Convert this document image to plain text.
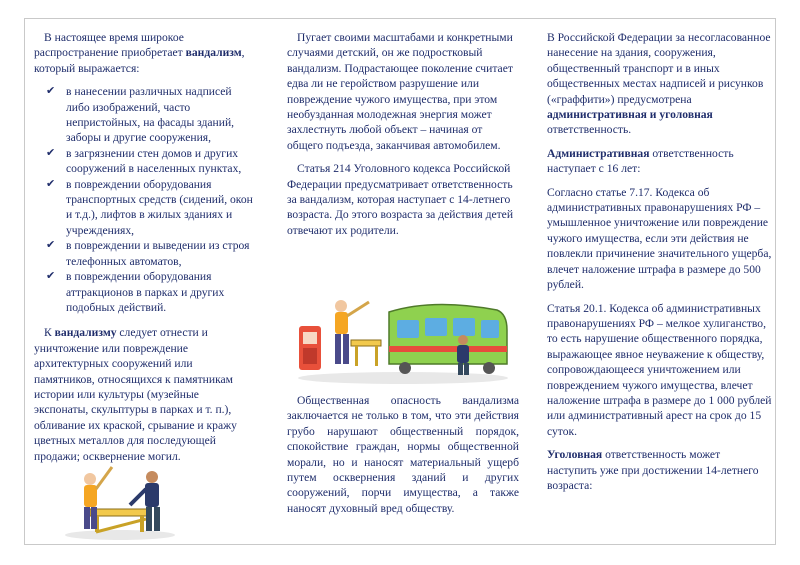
В настоящее время широкое распространение приобретает вандализм, который выражается:

✔ в нанесении различных надписей либо изображений, часто непристойных, на фасады зданий, заборы и другие сооружения,
✔ в загрязнении стен домов и других сооружений в населенных пунктах,
✔ в повреждении оборудования транспортных средств (сидений, окон и т.д.), лифтов в жилых зданиях и учреждениях,
✔ в повреждении и выведении из строя телефонных автоматов,
✔ в повреждении оборудования аттракционов в парках и других подобных действий.

К вандализму следует отнести и уничтожение или повреждение архитектурных сооружений или памятников, относящихся к памятникам истории или культуры (музейные экспонаты, скульптуры в парках и т. п.), обливание их краской, срывание и кражу цветных металлов для последующей продажи; осквернение могил.

Пугает своими масштабами и конкретными случаями детский, он же подростковый вандализм. Подрастающее поколение считает едва ли не геройством разрушение или повреждение чужого имущества, при этом необузданная молодежная энергия может захлестнуть любой объект – начиная от общего подъезда, заканчивая автомобилем.

Статья 214 Уголовного кодекса Российской Федерации предусматривает ответственность за вандализм, которая наступает с 14-летнего возраста. До этого возраста за действия детей отвечают их родители.

Общественная опасность вандализма заключается не только в том, что эти действия грубо нарушают общественный порядок, спокойствие граждан, нормы общественной морали, но и наносят материальный ущерб путем осквернения зданий и других сооружений, порчи имущества, а также наносят духовный вред обществу.

В Российской Федерации за несогласованное нанесение на здания, сооружения, общественный транспорт и в иных общественных местах надписей и рисунков («граффити») предусмотрена административная и уголовная ответственность.

Административная ответственность наступает с 16 лет:

Согласно статье 7.17. Кодекса об административных правонарушениях РФ – умышленное уничтожение или повреждение чужого имущества, если эти действия не повлекли причинение значительного ущерба, влечет наложение штрафа в размере до 500 рублей.

Статья 20.1. Кодекса об административных правонарушениях РФ – мелкое хулиганство, то есть нарушение общественного порядка, выражающее явное неуважение к обществу, сопровождающееся уничтожением или повреждением чужого имущества, влечет наложение штрафа в размере до 1 000 рублей или административный арест на срок до 15 суток.

Уголовная ответственность может наступить уже при достижении 14-летнего возраста:
